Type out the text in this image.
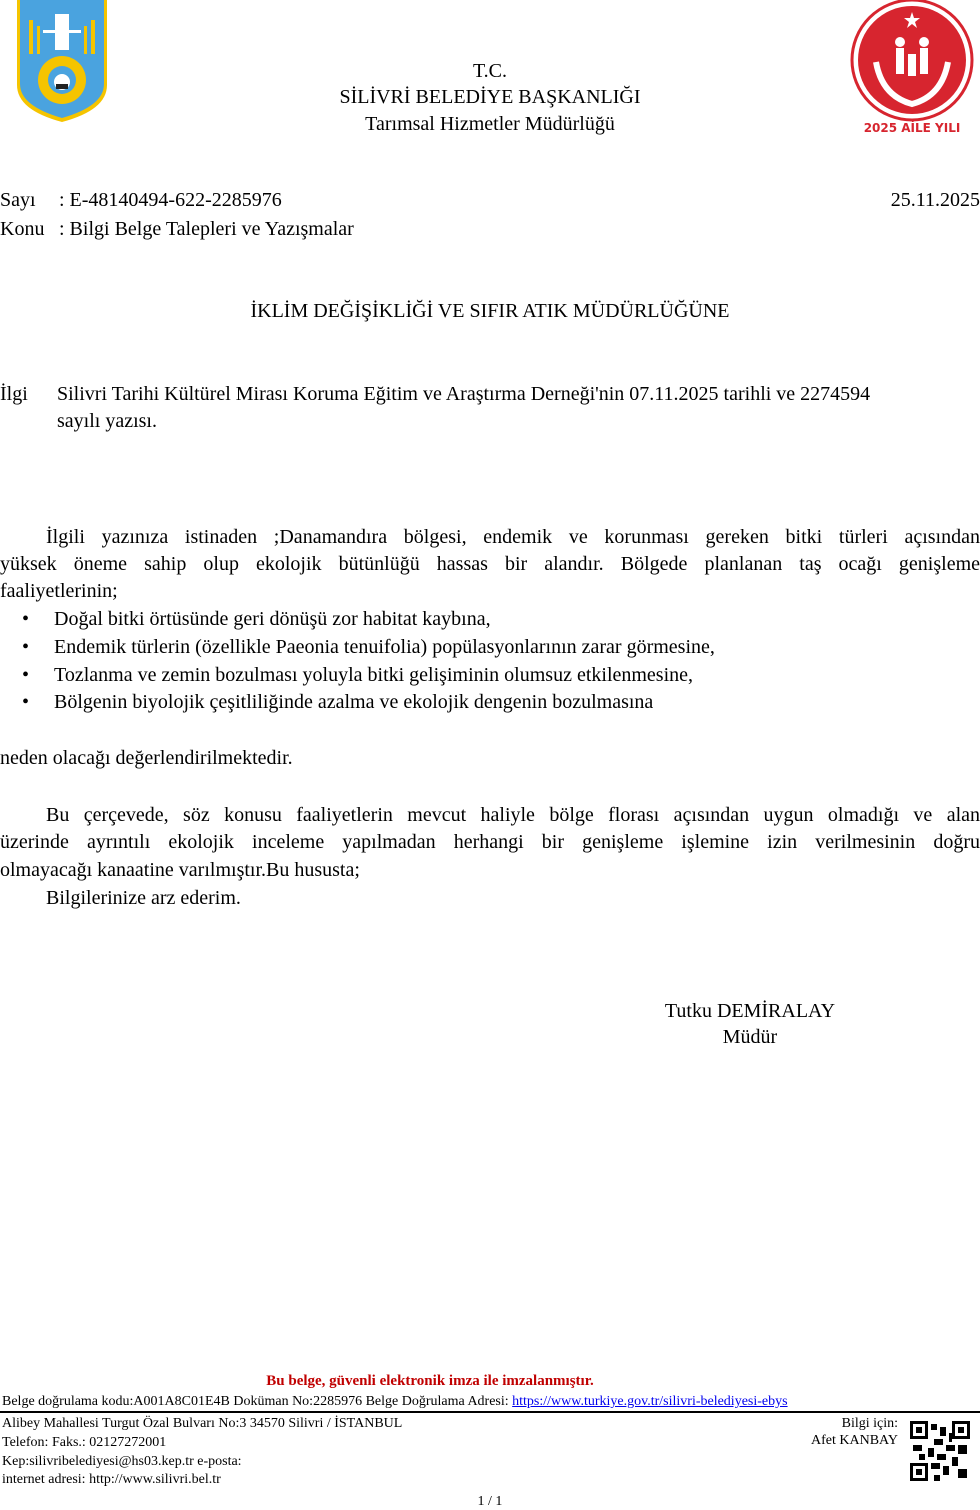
2025 AİLE YILI
T.C.
SİLİVRİ BELEDİYE BAŞKANLIĞI
Tarımsal Hizmetler Müdürlüğü
Sayı : E-48140494-622-2285976	25.11.2025
Konu : Bilgi Belge Talepleri ve Yazışmalar
İKLİM DEĞİŞİKLİĞİ VE SIFIR ATIK MÜDÜRLÜĞÜNE
İlgi Silivri Tarihi Kültürel Mirası Koruma Eğitim ve Araştırma Derneği'nin 07.11.2025 tarihli ve 2274594
sayılı yazısı.
İlgili yazınıza istinaden ;Danamandıra bölgesi, endemik ve korunması gereken bitki türleri açısından
yüksek öneme sahip olup ekolojik bütünlüğü hassas bir alandır. Bölgede planlanan taş ocağı genişleme
faaliyetlerinin;
• Doğal bitki örtüsünde geri dönüşü zor habitat kaybına,
• Endemik türlerin (özellikle Paeonia tenuifolia) popülasyonlarının zarar görmesine,
• Tozlanma ve zemin bozulması yoluyla bitki gelişiminin olumsuz etkilenmesine,
• Bölgenin biyolojik çeşitliliğinde azalma ve ekolojik dengenin bozulmasına
neden olacağı değerlendirilmektedir.
Bu çerçevede, söz konusu faaliyetlerin mevcut haliyle bölge florası açısından uygun olmadığı ve alan
üzerinde ayrıntılı ekolojik inceleme yapılmadan herhangi bir genişleme işlemine izin verilmesinin doğru
olmayacağı kanaatine varılmıştır.Bu hususta;
Bilgilerinize arz ederim.
Tutku DEMİRALAY
Müdür
Bu belge, güvenli elektronik imza ile imzalanmıştır.
Belge doğrulama kodu:A001A8C01E4B Doküman No:2285976 Belge Doğrulama Adresi: https://www.turkiye.gov.tr/silivri-belediyesi-ebys
Alibey Mahallesi Turgut Özal Bulvarı No:3 34570 Silivri / İSTANBUL
Telefon: Faks.: 02127272001
Kep:silivribelediyesi@hs03.kep.tr e-posta:
internet adresi: http://www.silivri.bel.tr
Bilgi için:
Afet KANBAY
1 / 1
